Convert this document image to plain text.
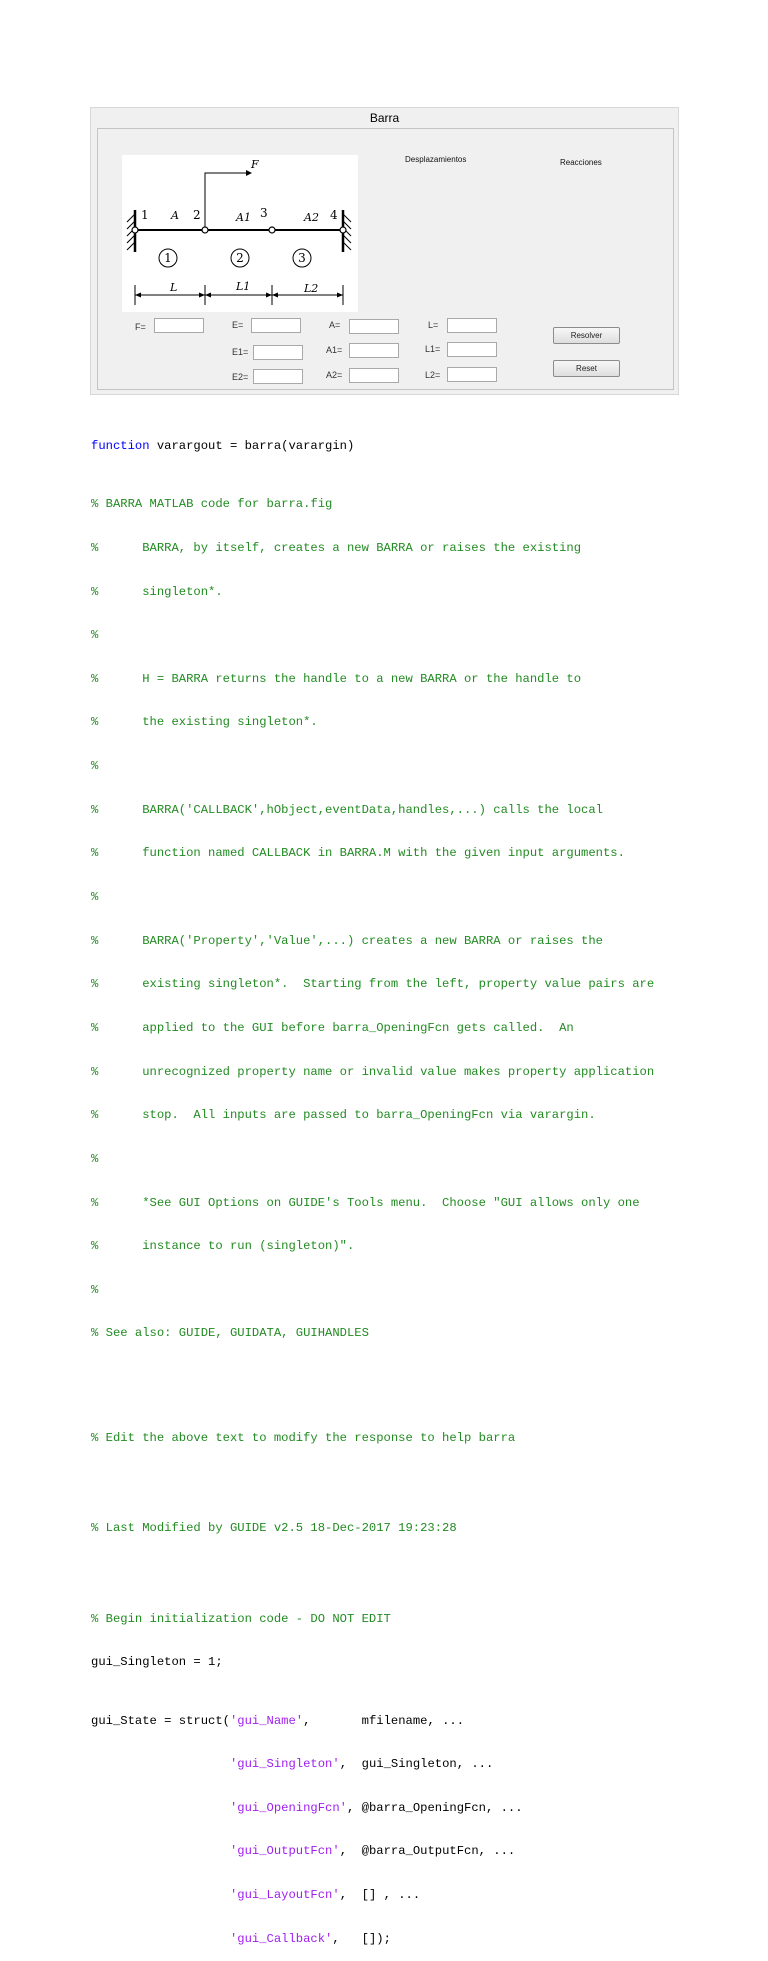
Barra
F
1	2	3	4
A	A1	A2
1	2	3
L	L1	L2
Desplazamientos	Reacciones
F=	E=
E1=
E2=
A=
A1=
A2=
L=
L1=
L2=
Resolver
Reset

function varargout = barra(varargin)

% BARRA MATLAB code for barra.fig

%      BARRA, by itself, creates a new BARRA or raises the existing

%      singleton*.

%

%      H = BARRA returns the handle to a new BARRA or the handle to

%      the existing singleton*.

%

%      BARRA('CALLBACK',hObject,eventData,handles,...) calls the local

%      function named CALLBACK in BARRA.M with the given input arguments.

%

%      BARRA('Property','Value',...) creates a new BARRA or raises the

%      existing singleton*.  Starting from the left, property value pairs are

%      applied to the GUI before barra_OpeningFcn gets called.  An

%      unrecognized property name or invalid value makes property application

%      stop.  All inputs are passed to barra_OpeningFcn via varargin.

%

%      *See GUI Options on GUIDE's Tools menu.  Choose "GUI allows only one

%      instance to run (singleton)".

%

% See also: GUIDE, GUIDATA, GUIHANDLES

% Edit the above text to modify the response to help barra

% Last Modified by GUIDE v2.5 18-Dec-2017 19:23:28

% Begin initialization code - DO NOT EDIT

gui_Singleton = 1;

gui_State = struct('gui_Name',       mfilename, ...

'gui_Singleton',  gui_Singleton, ...

'gui_OpeningFcn', @barra_OpeningFcn, ...

'gui_OutputFcn',  @barra_OutputFcn, ...

'gui_LayoutFcn',  [] , ...

'gui_Callback',   []);
